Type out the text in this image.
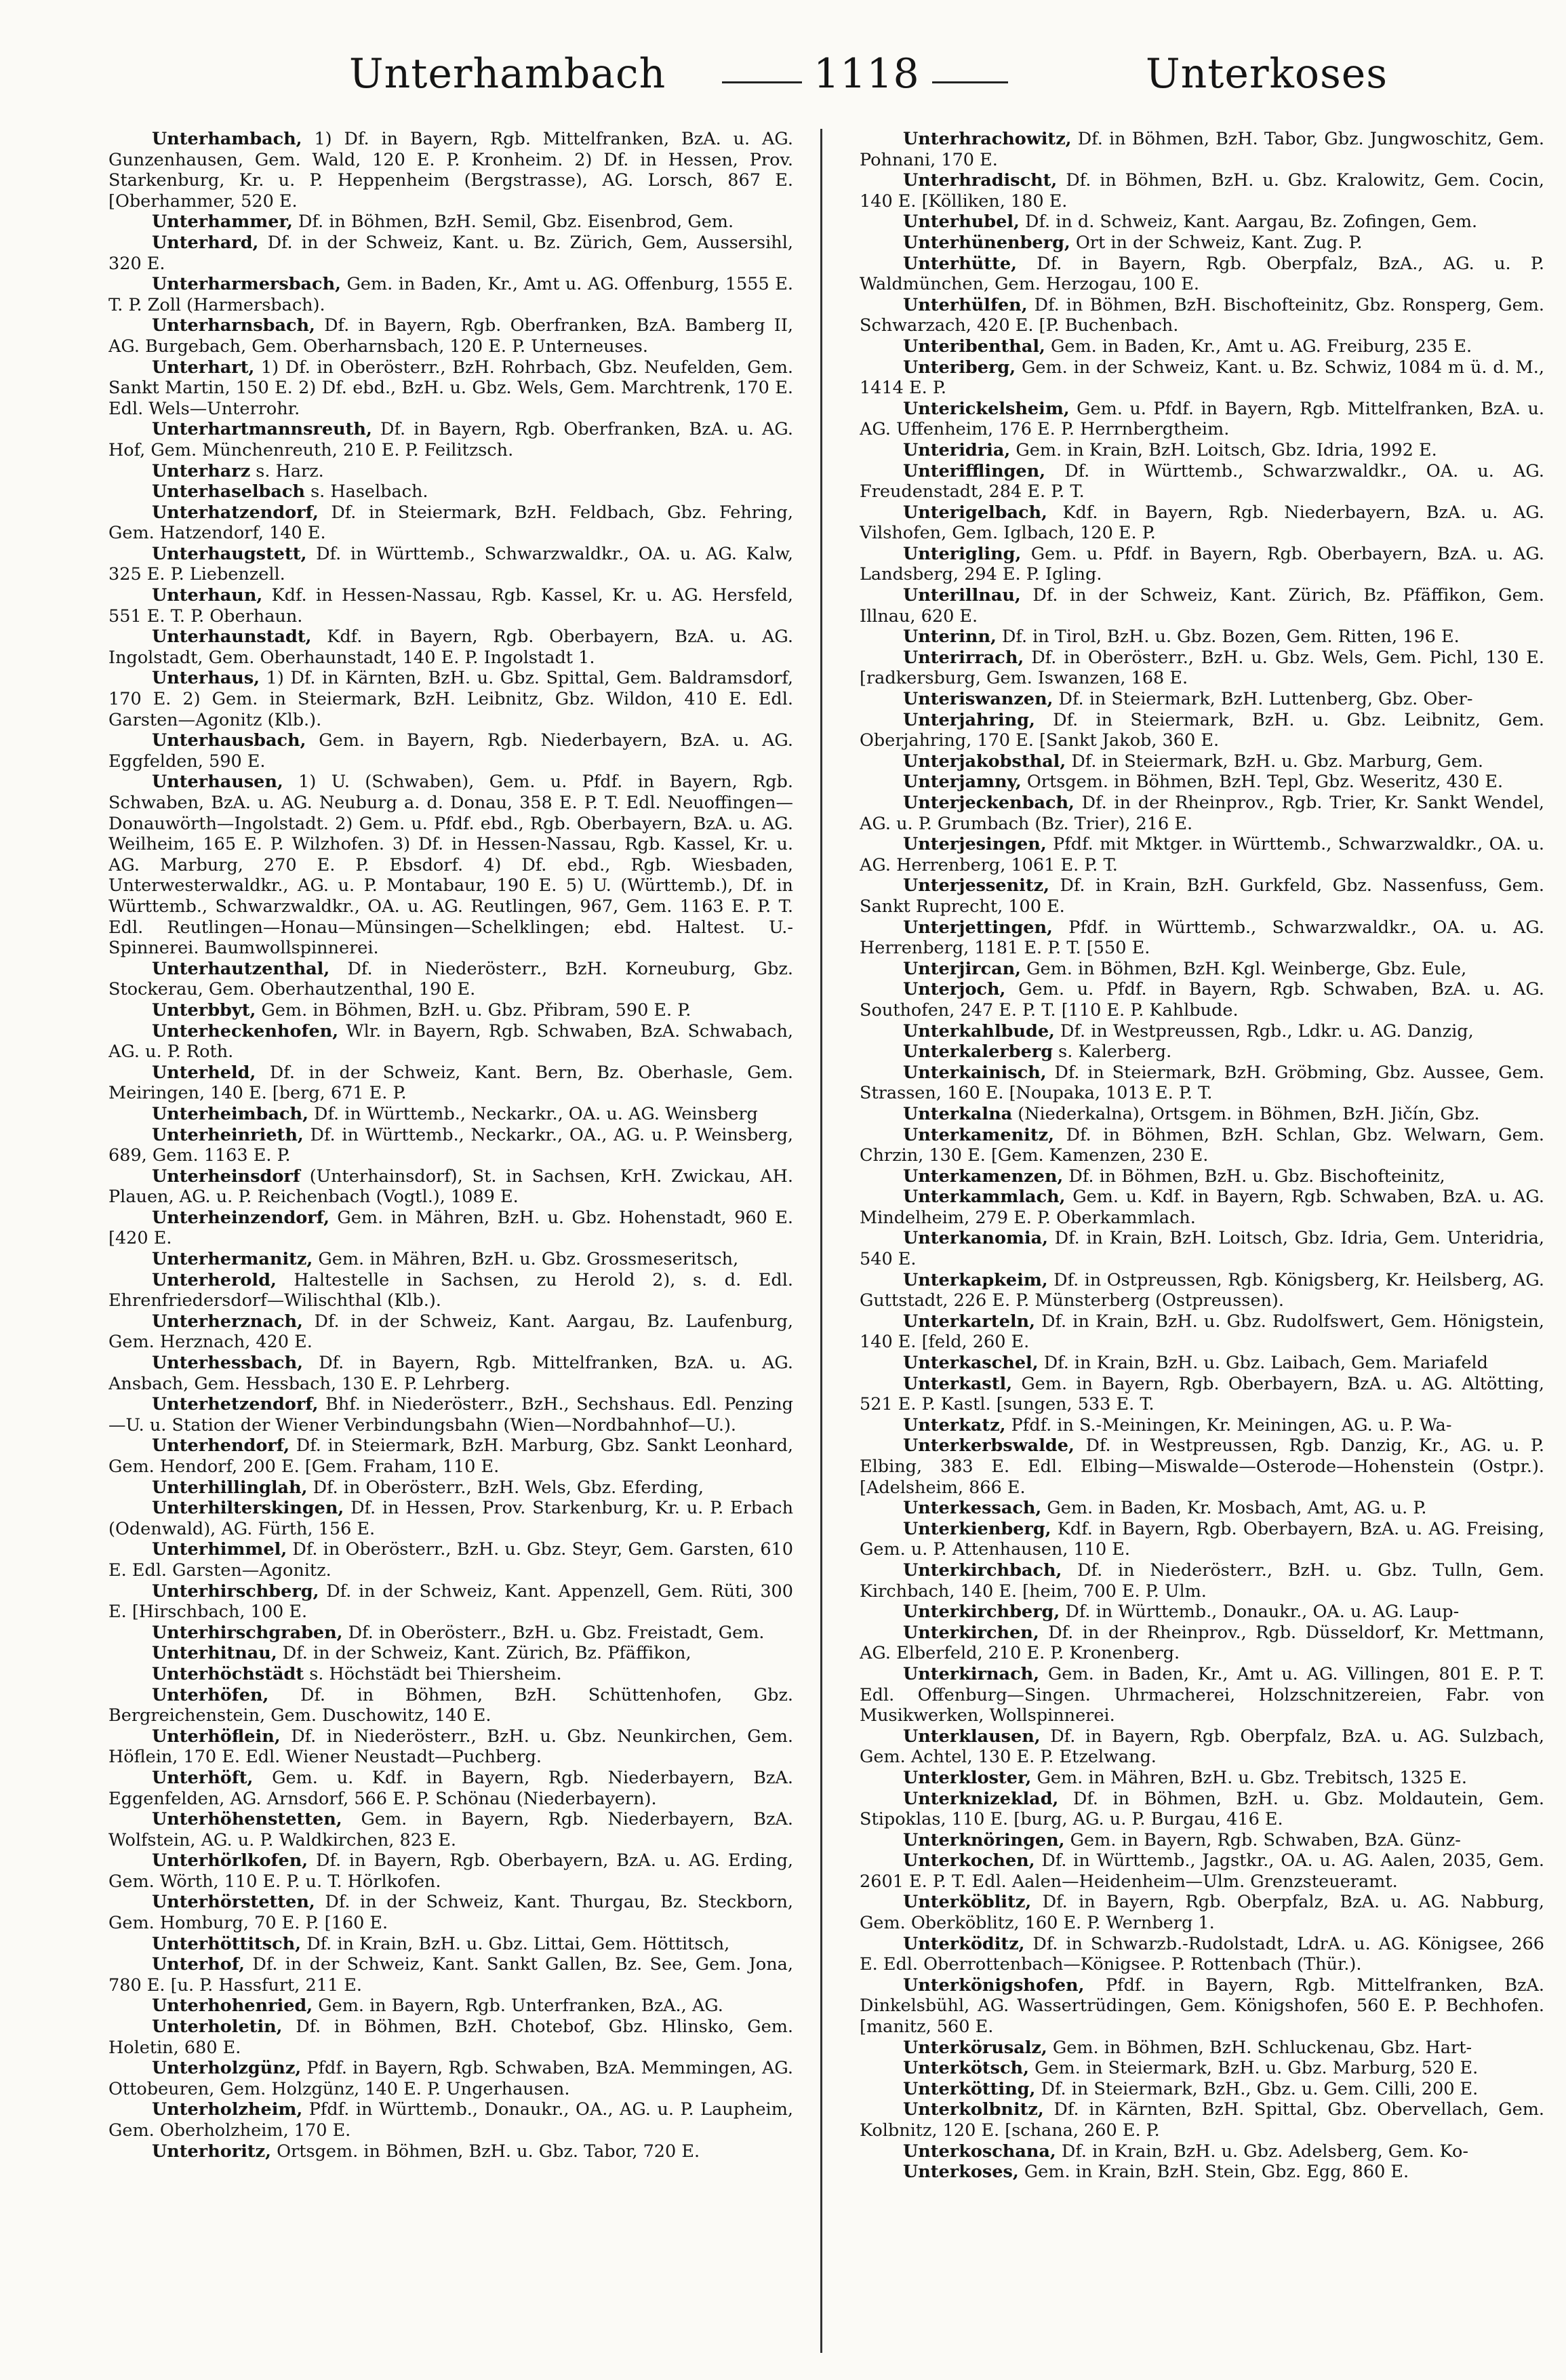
Unterhambach	1118	Unterkoses

Unterhambach, 1) Df. in Bayern, Rgb. Mittelfranken, BzA. u. AG. Gunzenhausen, Gem. Wald, 120 E. P. Kronheim. 2) Df. in Hessen, Prov. Starkenburg, Kr. u. P. Heppenheim (Bergstrasse), AG. Lorsch, 867 E. [Oberhammer, 520 E.

Unterhammer, Df. in Böhmen, BzH. Semil, Gbz. Eisenbrod, Gem.

Unterhard, Df. in der Schweiz, Kant. u. Bz. Zürich, Gem, Aussersihl, 320 E.

Unterharmersbach, Gem. in Baden, Kr., Amt u. AG. Offenburg, 1555 E. T. P. Zoll (Harmersbach).

Unterharnsbach, Df. in Bayern, Rgb. Oberfranken, BzA. Bamberg II, AG. Burgebach, Gem. Oberharnsbach, 120 E. P. Unterneuses.

Unterhart, 1) Df. in Oberösterr., BzH. Rohrbach, Gbz. Neufelden, Gem. Sankt Martin, 150 E. 2) Df. ebd., BzH. u. Gbz. Wels, Gem. Marchtrenk, 170 E. Edl. Wels—Unterrohr.

Unterhartmannsreuth, Df. in Bayern, Rgb. Oberfranken, BzA. u. AG. Hof, Gem. Münchenreuth, 210 E. P. Feilitzsch.

Unterharz s. Harz.

Unterhaselbach s. Haselbach.

Unterhatzendorf, Df. in Steiermark, BzH. Feldbach, Gbz. Fehring, Gem. Hatzendorf, 140 E.

Unterhaugstett, Df. in Württemb., Schwarzwaldkr., OA. u. AG. Kalw, 325 E. P. Liebenzell.

Unterhaun, Kdf. in Hessen-Nassau, Rgb. Kassel, Kr. u. AG. Hersfeld, 551 E. T. P. Oberhaun.

Unterhaunstadt, Kdf. in Bayern, Rgb. Oberbayern, BzA. u. AG. Ingolstadt, Gem. Oberhaunstadt, 140 E. P. Ingolstadt 1.

Unterhaus, 1) Df. in Kärnten, BzH. u. Gbz. Spittal, Gem. Baldramsdorf, 170 E. 2) Gem. in Steiermark, BzH. Leibnitz, Gbz. Wildon, 410 E. Edl. Garsten—Agonitz (Klb.).

Unterhausbach, Gem. in Bayern, Rgb. Niederbayern, BzA. u. AG. Eggfelden, 590 E.

Unterhausen, 1) U. (Schwaben), Gem. u. Pfdf. in Bayern, Rgb. Schwaben, BzA. u. AG. Neuburg a. d. Donau, 358 E. P. T. Edl. Neuoffingen—Donauwörth—Ingolstadt. 2) Gem. u. Pfdf. ebd., Rgb. Oberbayern, BzA. u. AG. Weilheim, 165 E. P. Wilzhofen. 3) Df. in Hessen-Nassau, Rgb. Kassel, Kr. u. AG. Marburg, 270 E. P. Ebsdorf. 4) Df. ebd., Rgb. Wiesbaden, Unterwesterwaldkr., AG. u. P. Montabaur, 190 E. 5) U. (Württemb.), Df. in Württemb., Schwarzwaldkr., OA. u. AG. Reutlingen, 967, Gem. 1163 E. P. T. Edl. Reutlingen—Honau—Münsingen—Schelklingen; ebd. Haltest. U.-Spinnerei. Baumwollspinnerei.

Unterhautzenthal, Df. in Niederösterr., BzH. Korneuburg, Gbz. Stockerau, Gem. Oberhautzenthal, 190 E.

Unterbbyt, Gem. in Böhmen, BzH. u. Gbz. Přibram, 590 E. P.

Unterheckenhofen, Wlr. in Bayern, Rgb. Schwaben, BzA. Schwabach, AG. u. P. Roth.

Unterheld, Df. in der Schweiz, Kant. Bern, Bz. Oberhasle, Gem. Meiringen, 140 E. [berg, 671 E. P.

Unterheimbach, Df. in Württemb., Neckarkr., OA. u. AG. Weinsberg

Unterheinrieth, Df. in Württemb., Neckarkr., OA., AG. u. P. Weinsberg, 689, Gem. 1163 E. P.

Unterheinsdorf (Unterhainsdorf), St. in Sachsen, KrH. Zwickau, AH. Plauen, AG. u. P. Reichenbach (Vogtl.), 1089 E.

Unterheinzendorf, Gem. in Mähren, BzH. u. Gbz. Hohenstadt, 960 E. [420 E.

Unterhermanitz, Gem. in Mähren, BzH. u. Gbz. Grossmeseritsch,

Unterherold, Haltestelle in Sachsen, zu Herold 2), s. d. Edl. Ehrenfriedersdorf—Wilischthal (Klb.).

Unterherznach, Df. in der Schweiz, Kant. Aargau, Bz. Laufenburg, Gem. Herznach, 420 E.

Unterhessbach, Df. in Bayern, Rgb. Mittelfranken, BzA. u. AG. Ansbach, Gem. Hessbach, 130 E. P. Lehrberg.

Unterhetzendorf, Bhf. in Niederösterr., BzH., Sechshaus. Edl. Penzing—U. u. Station der Wiener Verbindungsbahn (Wien—Nordbahnhof—U.).

Unterhendorf, Df. in Steiermark, BzH. Marburg, Gbz. Sankt Leonhard, Gem. Hendorf, 200 E. [Gem. Fraham, 110 E.

Unterhillinglah, Df. in Oberösterr., BzH. Wels, Gbz. Eferding,

Unterhilterskingen, Df. in Hessen, Prov. Starkenburg, Kr. u. P. Erbach (Odenwald), AG. Fürth, 156 E.

Unterhimmel, Df. in Oberösterr., BzH. u. Gbz. Steyr, Gem. Garsten, 610 E. Edl. Garsten—Agonitz.

Unterhirschberg, Df. in der Schweiz, Kant. Appenzell, Gem. Rüti, 300 E. [Hirschbach, 100 E.

Unterhirschgraben, Df. in Oberösterr., BzH. u. Gbz. Freistadt, Gem.

Unterhitnau, Df. in der Schweiz, Kant. Zürich, Bz. Pfäffikon,

Unterhöchstädt s. Höchstädt bei Thiersheim.

Unterhöfen, Df. in Böhmen, BzH. Schüttenhofen, Gbz. Bergreichenstein, Gem. Duschowitz, 140 E.

Unterhöflein, Df. in Niederösterr., BzH. u. Gbz. Neunkirchen, Gem. Höflein, 170 E. Edl. Wiener Neustadt—Puchberg.

Unterhöft, Gem. u. Kdf. in Bayern, Rgb. Niederbayern, BzA. Eggenfelden, AG. Arnsdorf, 566 E. P. Schönau (Niederbayern).

Unterhöhenstetten, Gem. in Bayern, Rgb. Niederbayern, BzA. Wolfstein, AG. u. P. Waldkirchen, 823 E.

Unterhörlkofen, Df. in Bayern, Rgb. Oberbayern, BzA. u. AG. Erding, Gem. Wörth, 110 E. P. u. T. Hörlkofen.

Unterhörstetten, Df. in der Schweiz, Kant. Thurgau, Bz. Steckborn, Gem. Homburg, 70 E. P. [160 E.

Unterhöttitsch, Df. in Krain, BzH. u. Gbz. Littai, Gem. Höttitsch,

Unterhof, Df. in der Schweiz, Kant. Sankt Gallen, Bz. See, Gem. Jona, 780 E. [u. P. Hassfurt, 211 E.

Unterhohenried, Gem. in Bayern, Rgb. Unterfranken, BzA., AG.

Unterholetin, Df. in Böhmen, BzH. Chotebof, Gbz. Hlinsko, Gem. Holetin, 680 E.

Unterholzgünz, Pfdf. in Bayern, Rgb. Schwaben, BzA. Memmingen, AG. Ottobeuren, Gem. Holzgünz, 140 E. P. Ungerhausen.

Unterholzheim, Pfdf. in Württemb., Donaukr., OA., AG. u. P. Laupheim, Gem. Oberholzheim, 170 E.

Unterhoritz, Ortsgem. in Böhmen, BzH. u. Gbz. Tabor, 720 E.

Unterhrachowitz, Df. in Böhmen, BzH. Tabor, Gbz. Jungwoschitz, Gem. Pohnani, 170 E.

Unterhradischt, Df. in Böhmen, BzH. u. Gbz. Kralowitz, Gem. Cocin, 140 E. [Kölliken, 180 E.

Unterhubel, Df. in d. Schweiz, Kant. Aargau, Bz. Zofingen, Gem.

Unterhünenberg, Ort in der Schweiz, Kant. Zug. P.

Unterhütte, Df. in Bayern, Rgb. Oberpfalz, BzA., AG. u. P. Waldmünchen, Gem. Herzogau, 100 E.

Unterhülfen, Df. in Böhmen, BzH. Bischofteinitz, Gbz. Ronsperg, Gem. Schwarzach, 420 E. [P. Buchenbach.

Unteribenthal, Gem. in Baden, Kr., Amt u. AG. Freiburg, 235 E.

Unteriberg, Gem. in der Schweiz, Kant. u. Bz. Schwiz, 1084 m ü. d. M., 1414 E. P.

Unterickelsheim, Gem. u. Pfdf. in Bayern, Rgb. Mittelfranken, BzA. u. AG. Uffenheim, 176 E. P. Herrnbergtheim.

Unteridria, Gem. in Krain, BzH. Loitsch, Gbz. Idria, 1992 E.

Unterifflingen, Df. in Württemb., Schwarzwaldkr., OA. u. AG. Freudenstadt, 284 E. P. T.

Unterigelbach, Kdf. in Bayern, Rgb. Niederbayern, BzA. u. AG. Vilshofen, Gem. Iglbach, 120 E. P.

Unterigling, Gem. u. Pfdf. in Bayern, Rgb. Oberbayern, BzA. u. AG. Landsberg, 294 E. P. Igling.

Unterillnau, Df. in der Schweiz, Kant. Zürich, Bz. Pfäffikon, Gem. Illnau, 620 E.

Unterinn, Df. in Tirol, BzH. u. Gbz. Bozen, Gem. Ritten, 196 E.

Unterirrach, Df. in Oberösterr., BzH. u. Gbz. Wels, Gem. Pichl, 130 E. [radkersburg, Gem. Iswanzen, 168 E.

Unteriswanzen, Df. in Steiermark, BzH. Luttenberg, Gbz. Ober-

Unterjahring, Df. in Steiermark, BzH. u. Gbz. Leibnitz, Gem. Oberjahring, 170 E. [Sankt Jakob, 360 E.

Unterjakobsthal, Df. in Steiermark, BzH. u. Gbz. Marburg, Gem.

Unterjamny, Ortsgem. in Böhmen, BzH. Tepl, Gbz. Weseritz, 430 E.

Unterjeckenbach, Df. in der Rheinprov., Rgb. Trier, Kr. Sankt Wendel, AG. u. P. Grumbach (Bz. Trier), 216 E.

Unterjesingen, Pfdf. mit Mktger. in Württemb., Schwarzwaldkr., OA. u. AG. Herrenberg, 1061 E. P. T.

Unterjessenitz, Df. in Krain, BzH. Gurkfeld, Gbz. Nassenfuss, Gem. Sankt Ruprecht, 100 E.

Unterjettingen, Pfdf. in Württemb., Schwarzwaldkr., OA. u. AG. Herrenberg, 1181 E. P. T. [550 E.

Unterjircan, Gem. in Böhmen, BzH. Kgl. Weinberge, Gbz. Eule,

Unterjoch, Gem. u. Pfdf. in Bayern, Rgb. Schwaben, BzA. u. AG. Southofen, 247 E. P. T. [110 E. P. Kahlbude.

Unterkahlbude, Df. in Westpreussen, Rgb., Ldkr. u. AG. Danzig,

Unterkalerberg s. Kalerberg.

Unterkainisch, Df. in Steiermark, BzH. Gröbming, Gbz. Aussee, Gem. Strassen, 160 E. [Noupaka, 1013 E. P. T.

Unterkalna (Niederkalna), Ortsgem. in Böhmen, BzH. Jičín, Gbz.

Unterkamenitz, Df. in Böhmen, BzH. Schlan, Gbz. Welwarn, Gem. Chrzin, 130 E. [Gem. Kamenzen, 230 E.

Unterkamenzen, Df. in Böhmen, BzH. u. Gbz. Bischofteinitz,

Unterkammlach, Gem. u. Kdf. in Bayern, Rgb. Schwaben, BzA. u. AG. Mindelheim, 279 E. P. Oberkammlach.

Unterkanomia, Df. in Krain, BzH. Loitsch, Gbz. Idria, Gem. Unteridria, 540 E.

Unterkapkeim, Df. in Ostpreussen, Rgb. Königsberg, Kr. Heilsberg, AG. Guttstadt, 226 E. P. Münsterberg (Ostpreussen).

Unterkarteln, Df. in Krain, BzH. u. Gbz. Rudolfswert, Gem. Hönigstein, 140 E. [feld, 260 E.

Unterkaschel, Df. in Krain, BzH. u. Gbz. Laibach, Gem. Mariafeld

Unterkastl, Gem. in Bayern, Rgb. Oberbayern, BzA. u. AG. Altötting, 521 E. P. Kastl. [sungen, 533 E. T.

Unterkatz, Pfdf. in S.-Meiningen, Kr. Meiningen, AG. u. P. Wa-

Unterkerbswalde, Df. in Westpreussen, Rgb. Danzig, Kr., AG. u. P. Elbing, 383 E. Edl. Elbing—Miswalde—Osterode—Hohenstein (Ostpr.). [Adelsheim, 866 E.

Unterkessach, Gem. in Baden, Kr. Mosbach, Amt, AG. u. P.

Unterkienberg, Kdf. in Bayern, Rgb. Oberbayern, BzA. u. AG. Freising, Gem. u. P. Attenhausen, 110 E.

Unterkirchbach, Df. in Niederösterr., BzH. u. Gbz. Tulln, Gem. Kirchbach, 140 E. [heim, 700 E. P. Ulm.

Unterkirchberg, Df. in Württemb., Donaukr., OA. u. AG. Laup-

Unterkirchen, Df. in der Rheinprov., Rgb. Düsseldorf, Kr. Mettmann, AG. Elberfeld, 210 E. P. Kronenberg.

Unterkirnach, Gem. in Baden, Kr., Amt u. AG. Villingen, 801 E. P. T. Edl. Offenburg—Singen. Uhrmacherei, Holzschnitzereien, Fabr. von Musikwerken, Wollspinnerei.

Unterklausen, Df. in Bayern, Rgb. Oberpfalz, BzA. u. AG. Sulzbach, Gem. Achtel, 130 E. P. Etzelwang.

Unterkloster, Gem. in Mähren, BzH. u. Gbz. Trebitsch, 1325 E.

Unterknizeklad, Df. in Böhmen, BzH. u. Gbz. Moldautein, Gem. Stipoklas, 110 E. [burg, AG. u. P. Burgau, 416 E.

Unterknöringen, Gem. in Bayern, Rgb. Schwaben, BzA. Günz-

Unterkochen, Df. in Württemb., Jagstkr., OA. u. AG. Aalen, 2035, Gem. 2601 E. P. T. Edl. Aalen—Heidenheim—Ulm. Grenzsteueramt.

Unterköblitz, Df. in Bayern, Rgb. Oberpfalz, BzA. u. AG. Nabburg, Gem. Oberköblitz, 160 E. P. Wernberg 1.

Unterköditz, Df. in Schwarzb.-Rudolstadt, LdrA. u. AG. Königsee, 266 E. Edl. Oberrottenbach—Königsee. P. Rottenbach (Thür.).

Unterkönigshofen, Pfdf. in Bayern, Rgb. Mittelfranken, BzA. Dinkelsbühl, AG. Wassertrüdingen, Gem. Königshofen, 560 E. P. Bechhofen. [manitz, 560 E.

Unterkörusalz, Gem. in Böhmen, BzH. Schluckenau, Gbz. Hart-

Unterkötsch, Gem. in Steiermark, BzH. u. Gbz. Marburg, 520 E.

Unterkötting, Df. in Steiermark, BzH., Gbz. u. Gem. Cilli, 200 E.

Unterkolbnitz, Df. in Kärnten, BzH. Spittal, Gbz. Obervellach, Gem. Kolbnitz, 120 E. [schana, 260 E. P.

Unterkoschana, Df. in Krain, BzH. u. Gbz. Adelsberg, Gem. Ko-

Unterkoses, Gem. in Krain, BzH. Stein, Gbz. Egg, 860 E.
